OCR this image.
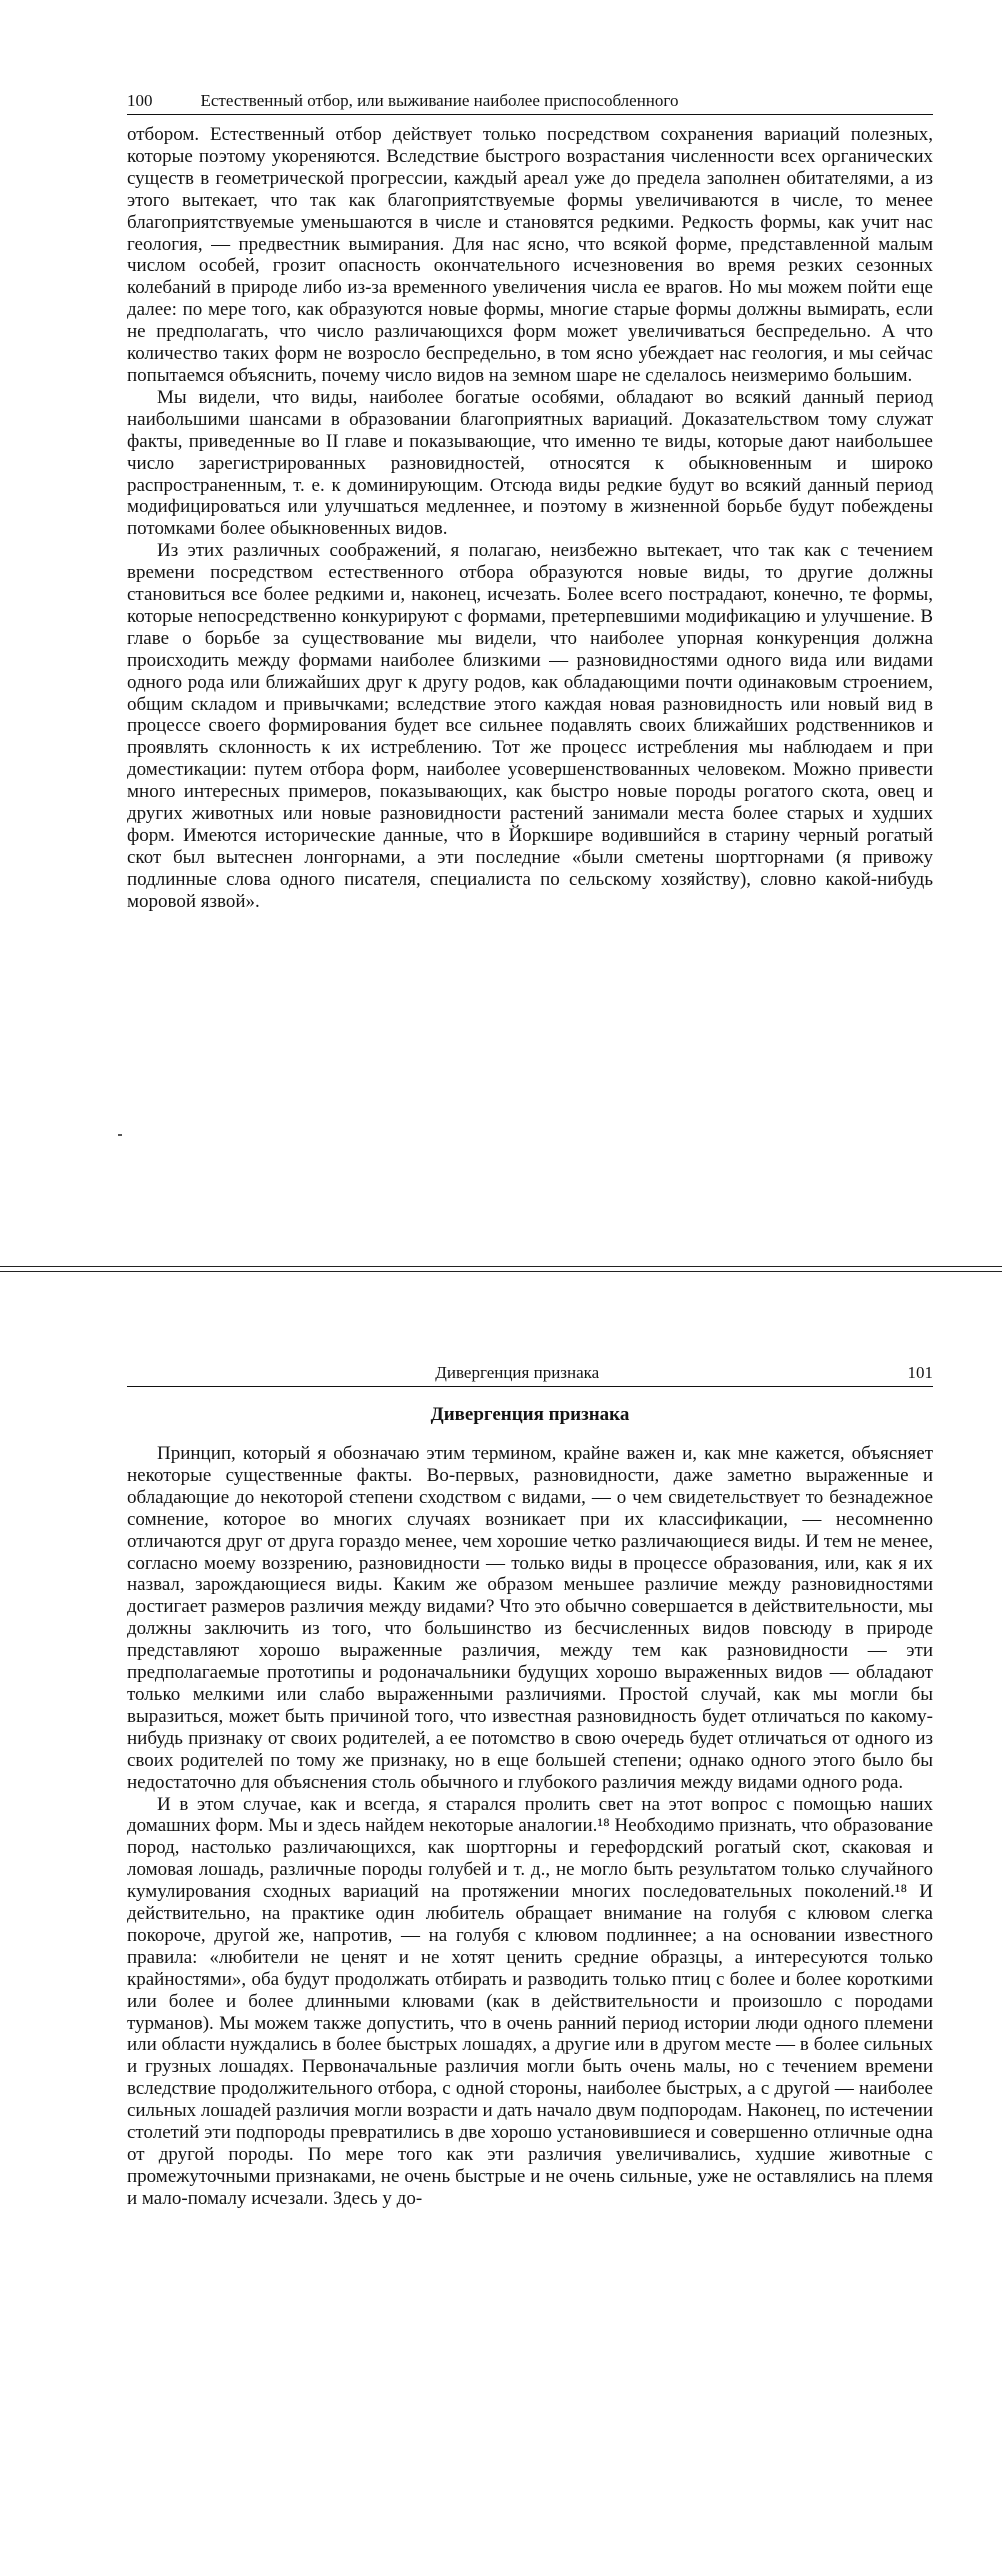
100	Естественный отбор, или выживание наиболее приспособленного

отбором. Естественный отбор действует только посредством сохранения вариаций полезных, которые поэтому укореняются. Вследствие быстрого возрастания численности всех органических существ в геометрической прогрессии, каждый ареал уже до предела заполнен обитателями, а из этого вытекает, что так как благоприятствуемые формы увеличиваются в числе, то менее благоприятствуемые уменьшаются в числе и становятся редкими. Редкость формы, как учит нас геология, — предвестник вымирания. Для нас ясно, что всякой форме, представленной малым числом особей, грозит опасность окончательного исчезновения во время резких сезонных колебаний в природе либо из-за временного увеличения числа ее врагов. Но мы можем пойти еще далее: по мере того, как образуются новые формы, многие старые формы должны вымирать, если не предполагать, что число различающихся форм может увеличиваться беспредельно. А что количество таких форм не возросло беспредельно, в том ясно убеждает нас геология, и мы сейчас попытаемся объяснить, почему число видов на земном шаре не сделалось неизмеримо большим.

Мы видели, что виды, наиболее богатые особями, обладают во всякий данный период наибольшими шансами в образовании благоприятных вариаций. Доказательством тому служат факты, приведенные во II главе и показывающие, что именно те виды, которые дают наибольшее число зарегистрированных разновидностей, относятся к обыкновенным и широко распространенным, т. е. к доминирующим. Отсюда виды редкие будут во всякий данный период модифицироваться или улучшаться медленнее, и поэтому в жизненной борьбе будут побеждены потомками более обыкновенных видов.

Из этих различных соображений, я полагаю, неизбежно вытекает, что так как с течением времени посредством естественного отбора образуются новые виды, то другие должны становиться все более редкими и, наконец, исчезать. Более всего пострадают, конечно, те формы, которые непосредственно конкурируют с формами, претерпевшими модификацию и улучшение. В главе о борьбе за существование мы видели, что наиболее упорная конкуренция должна происходить между формами наиболее близкими — разновидностями одного вида или видами одного рода или ближайших друг к другу родов, как обладающими почти одинаковым строением, общим складом и привычками; вследствие этого каждая новая разновидность или новый вид в процессе своего формирования будет все сильнее подавлять своих ближайших родственников и проявлять склонность к их истреблению. Тот же процесс истребления мы наблюдаем и при доместикации: путем отбора форм, наиболее усовершенствованных человеком. Можно привести много интересных примеров, показывающих, как быстро новые породы рогатого скота, овец и других животных или новые разновидности растений занимали места более старых и худших форм. Имеются исторические данные, что в Йоркшире водившийся в старину черный рогатый скот был вытеснен лонгорнами, а эти последние «были сметены шортгорнами (я привожу подлинные слова одного писателя, специалиста по сельскому хозяйству), словно какой-нибудь моровой язвой».

Дивергенция признака	101
Дивергенция признака

Принцип, который я обозначаю этим термином, крайне важен и, как мне кажется, объясняет некоторые существенные факты. Во-первых, разновидности, даже заметно выраженные и обладающие до некоторой степени сходством с видами, — о чем свидетельствует то безнадежное сомнение, которое во многих случаях возникает при их классификации, — несомненно отличаются друг от друга гораздо менее, чем хорошие четко различающиеся виды. И тем не менее, согласно моему воззрению, разновидности — только виды в процессе образования, или, как я их назвал, зарождающиеся виды. Каким же образом меньшее различие между разновидностями достигает размеров различия между видами? Что это обычно совершается в действительности, мы должны заключить из того, что большинство из бесчисленных видов повсюду в природе представляют хорошо выраженные различия, между тем как разновидности — эти предполагаемые прототипы и родоначальники будущих хорошо выраженных видов — обладают только мелкими или слабо выраженными различиями. Простой случай, как мы могли бы выразиться, может быть причиной того, что известная разновидность будет отличаться по какому-нибудь признаку от своих родителей, а ее потомство в свою очередь будет отличаться от одного из своих родителей по тому же признаку, но в еще большей степени; однако одного этого было бы недостаточно для объяснения столь обычного и глубокого различия между видами одного рода.

И в этом случае, как и всегда, я старался пролить свет на этот вопрос с помощью наших домашних форм. Мы и здесь найдем некоторые аналогии.¹⁸ Необходимо признать, что образование пород, настолько различающихся, как шортгорны и герефордский рогатый скот, скаковая и ломовая лошадь, различные породы голубей и т. д., не могло быть результатом только случайного кумулирования сходных вариаций на протяжении многих последовательных поколений.¹⁸ И действительно, на практике один любитель обращает внимание на голубя с клювом слегка покороче, другой же, напротив, — на голубя с клювом подлиннее; а на основании известного правила: «любители не ценят и не хотят ценить средние образцы, а интересуются только крайностями», оба будут продолжать отбирать и разводить только птиц с более и более короткими или более и более длинными клювами (как в действительности и произошло с породами турманов). Мы можем также допустить, что в очень ранний период истории люди одного племени или области нуждались в более быстрых лошадях, а другие или в другом месте — в более сильных и грузных лошадях. Первоначальные различия могли быть очень малы, но с течением времени вследствие продолжительного отбора, с одной стороны, наиболее быстрых, а с другой — наиболее сильных лошадей различия могли возрасти и дать начало двум подпородам. Наконец, по истечении столетий эти подпороды превратились в две хорошо установившиеся и совершенно отличные одна от другой породы. По мере того как эти различия увеличивались, худшие животные с промежуточными признаками, не очень быстрые и не очень сильные, уже не оставлялись на племя и мало-помалу исчезали. Здесь у до-
